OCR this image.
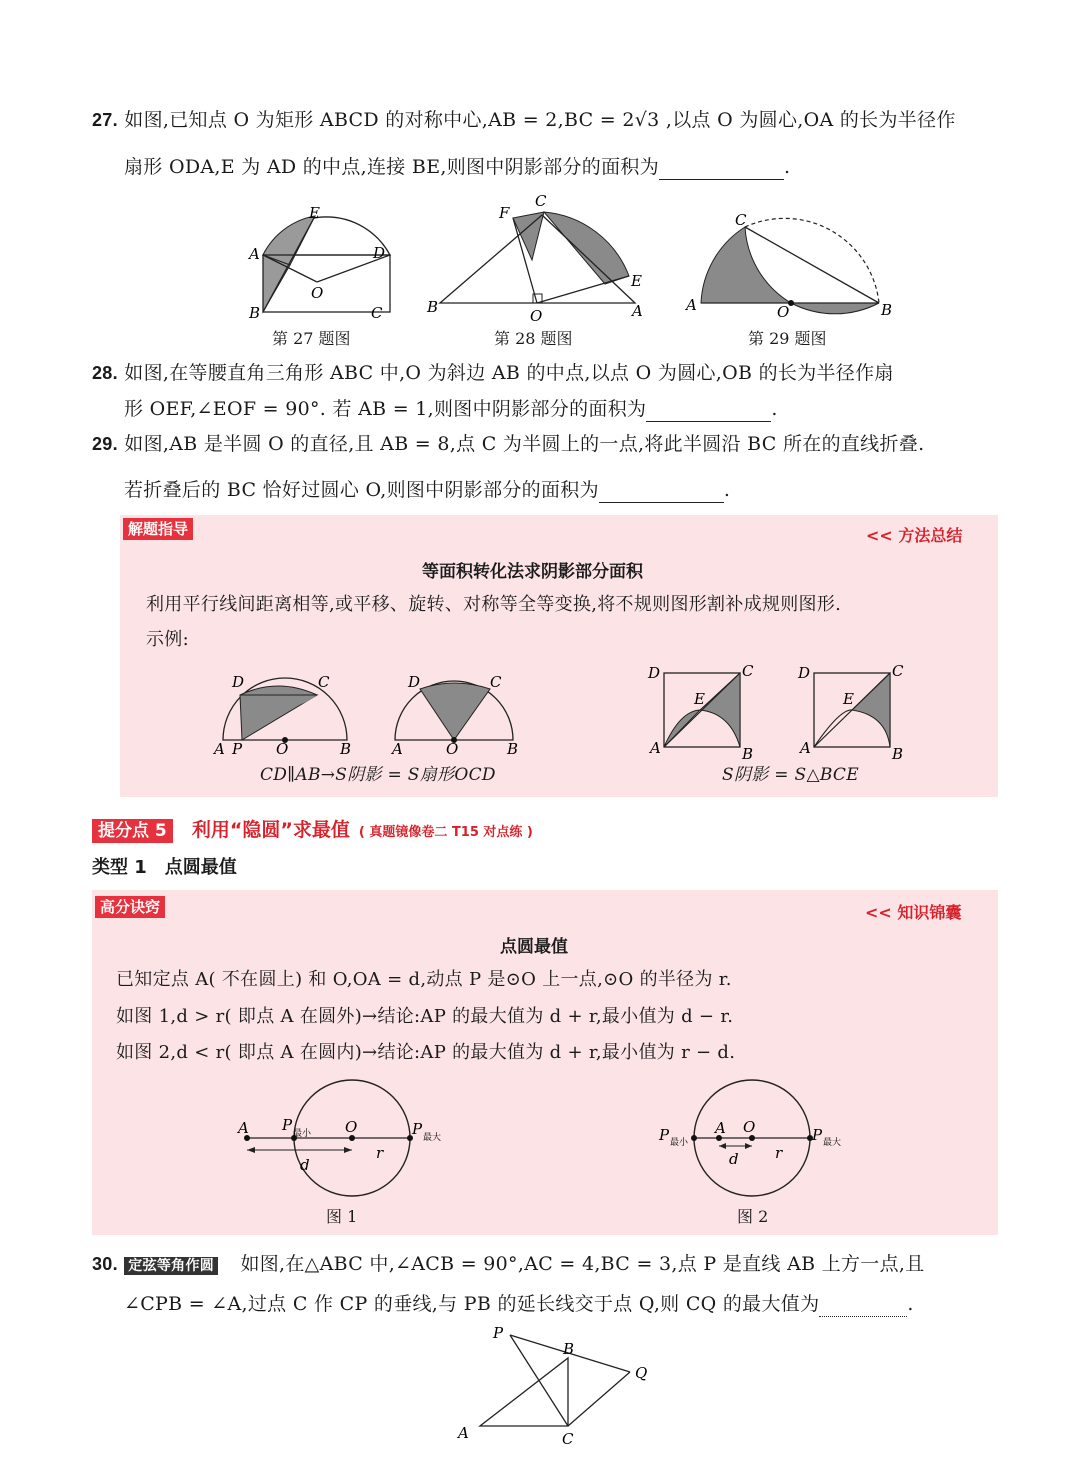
27. 如图,已知点 O 为矩形 ABCD 的对称中心,AB = 2,BC = 2√3 ,以点 O 为圆心,OA 的长为半径作
扇形 ODA,E 为 AD 的中点,连接 BE,则图中阴影部分的面积为	.
A
B	C
D
E
O
第 27 题图
B	A
C
F
E
O
第 28 题图
A	B
C
O
第 29 题图
28. 如图,在等腰直角三角形 ABC 中,O 为斜边 AB 的中点,以点 O 为圆心,OB 的长为半径作扇
形 OEF,∠EOF = 90°. 若 AB = 1,则图中阴影部分的面积为	.
29. 如图,AB 是半圆 O 的直径,且 AB = 8,点 C 为半圆上的一点,将此半圆沿 BC 所在的直线折叠.
若折叠后的 BC 恰好过圆心 O,则图中阴影部分的面积为	.
解题指导	<< 方法总结
等面积转化法求阴影部分面积
利用平行线间距离相等,或平移、旋转、对称等全等变换,将不规则图形割补成规则图形.
示例:
A P O	B
D	C
A	O	B
D	C	D	C
A	B
E
D	C
A	B
E
CD∥AB→S阴影 = S扇形OCD	S阴影 = S△BCE
提分点 5 利用“隐圆”求最值 ( 真题镜像卷二 T15 对点练 )
类型 1　点圆最值
高分诀窍	<< 知识锦囊
点圆最值
已知定点 A( 不在圆上) 和 O,OA = d,动点 P 是⊙O 上一点,⊙O 的半径为 r.
如图 1,d > r( 即点 A 在圆外)→结论:AP 的最大值为 d + r,最小值为 d − r.
如图 2,d < r( 即点 A 在圆内)→结论:AP 的最大值为 d + r,最小值为 r − d.
A P 最小 O	P 最大
d
r
图 1
P 最小
A O	P 最大
d r
图 2
30. 定弦等角作圆 如图,在△ABC 中,∠ACB = 90°,AC = 4,BC = 3,点 P 是直线 AB 上方一点,且
∠CPB = ∠A,过点 C 作 CP 的垂线,与 PB 的延长线交于点 Q,则 CQ 的最大值为	.
P
B
Q
A	C
